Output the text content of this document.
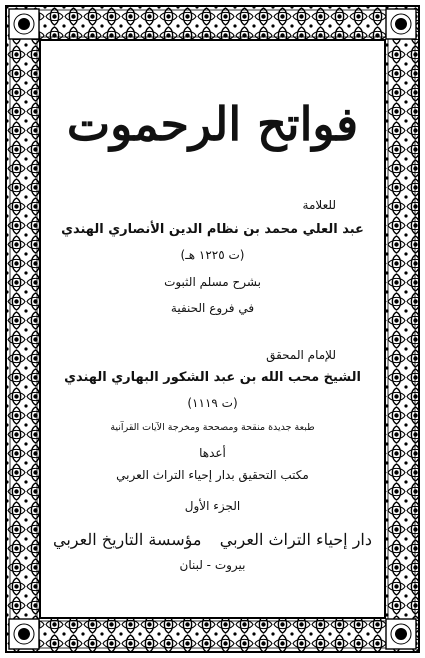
فواتح الرحموت
للعلامة
عبد العلي محمد بن نظام الدين الأنصاري الهندي
(ت ١٢٢٥ هـ)
بشرح مسلم الثبوت
في فروع الحنفية
للإمام المحقق
الشيخ محب الله بن عبد الشكور البهاري الهندي
(ت ١١١٩)
طبعة جديدة منقحة ومصححة ومخرجة الآيات القرآنية
أعدها
مكتب التحقيق بدار إحياء التراث العربي
الجزء الأول
دار إحياء التراث العربي
مؤسسة التاريخ العربي
بيروت - لبنان
